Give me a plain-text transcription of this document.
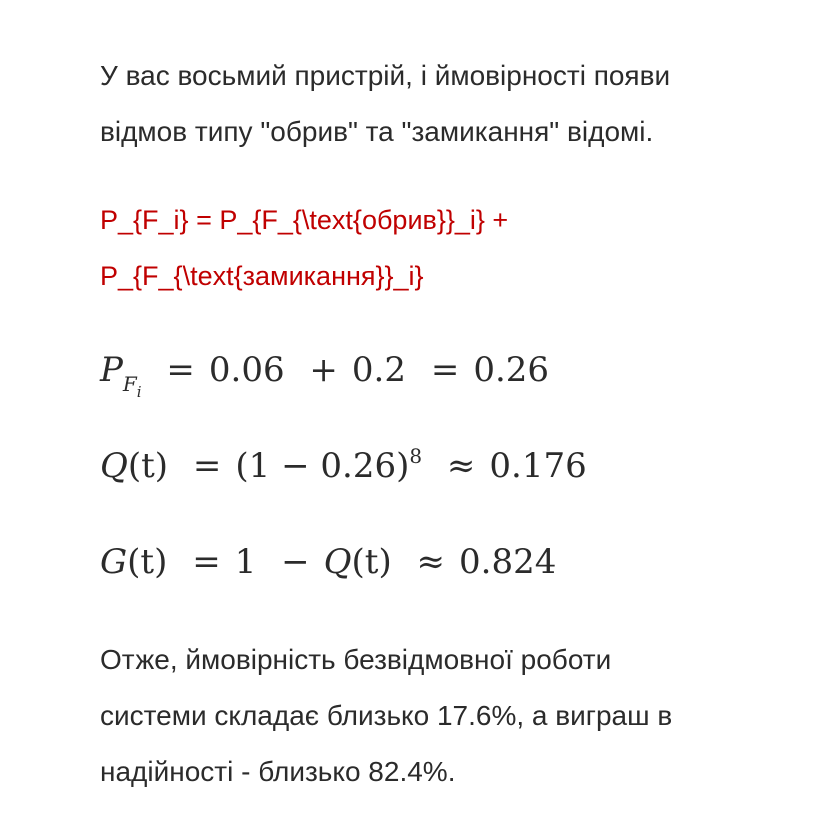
У вас восьмий пристрій, і ймовірності появи
відмов типу "обрив" та "замикання" відомі.

P_{F_i} = P_{F_{\text{обрив}}_i} +
P_{F_{\text{замикання}}_i}
$P_{Fi} = 0.06 + 0.2 = 0.26$
$Q(t) = (1 - 0.26)^8 \approx 0.176$
G(t) = 1 − Q(t) ≈ 0.824

Отже, ймовірність безвідмовної роботи
системи складає близько 17.6%, а виграш в
надійності - близько 82.4%.
